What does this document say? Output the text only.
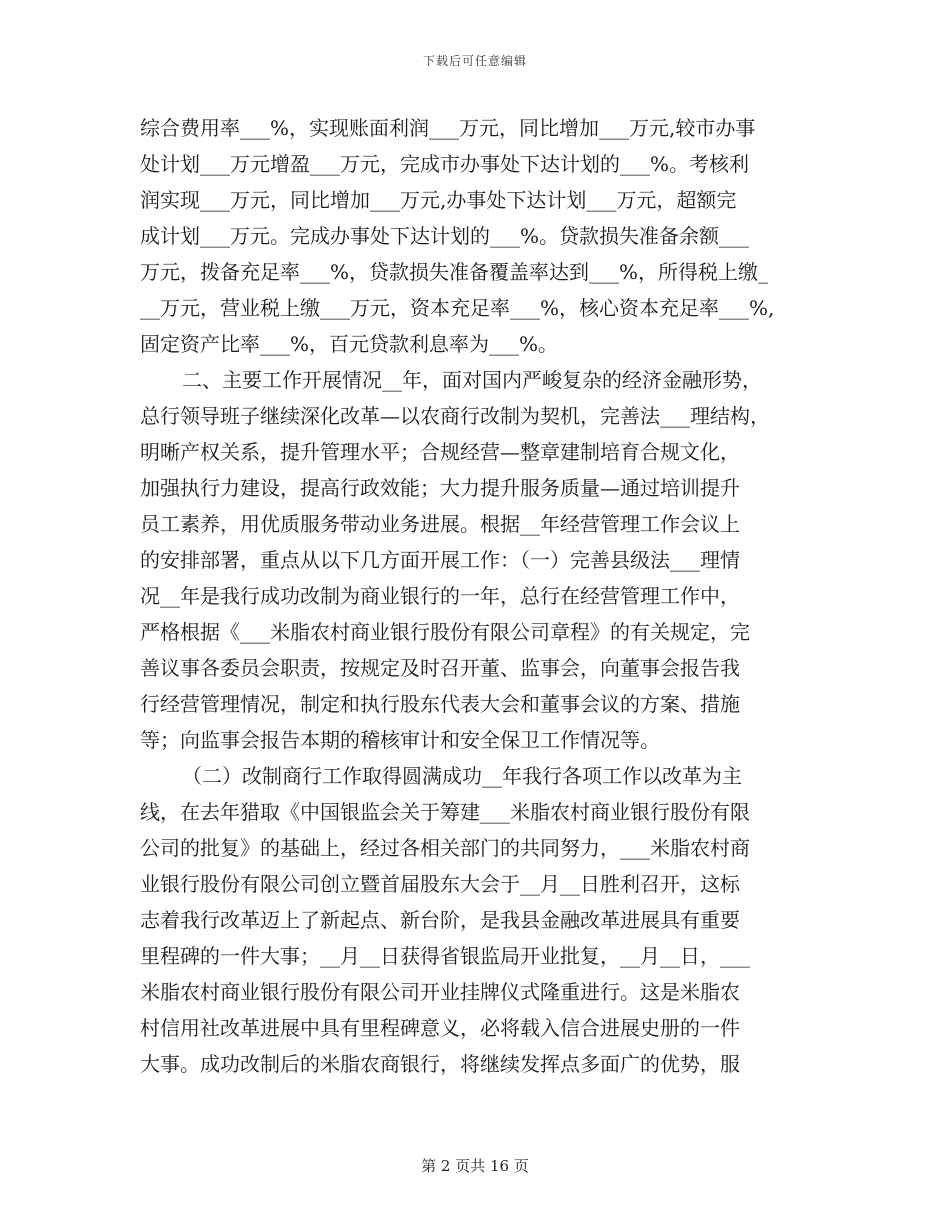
下载后可任意编辑
综合费用率___%，实现账面利润___万元，同比增加___万元,较市办事
处计划___万元增盈___万元，完成市办事处下达计划的___%。考核利
润实现___万元，同比增加___万元,办事处下达计划___万元，超额完
成计划___万元。完成办事处下达计划的___%。贷款损失准备余额___
万元，拨备充足率___%，贷款损失准备覆盖率达到___%，所得税上缴_
__万元，营业税上缴___万元，资本充足率___%，核心资本充足率___%,
固定资产比率___%，百元贷款利息率为___%。
二、主要工作开展情况__年，面对国内严峻复杂的经济金融形势，
总行领导班子继续深化改革—以农商行改制为契机，完善法___理结构，
明晰产权关系，提升管理水平；合规经营—整章建制培育合规文化，
加强执行力建设，提高行政效能；大力提升服务质量—通过培训提升
员工素养，用优质服务带动业务进展。根据__年经营管理工作会议上
的安排部署，重点从以下几方面开展工作：（一）完善县级法___理情
况__年是我行成功改制为商业银行的一年，总行在经营管理工作中，
严格根据《___米脂农村商业银行股份有限公司章程》的有关规定，完
善议事各委员会职责，按规定及时召开董、监事会，向董事会报告我
行经营管理情况，制定和执行股东代表大会和董事会议的方案、措施
等；向监事会报告本期的稽核审计和安全保卫工作情况等。
（二）改制商行工作取得圆满成功__年我行各项工作以改革为主
线，在去年猎取《中国银监会关于筹建___米脂农村商业银行股份有限
公司的批复》的基础上，经过各相关部门的共同努力，___米脂农村商
业银行股份有限公司创立暨首届股东大会于__月__日胜利召开，这标
志着我行改革迈上了新起点、新台阶，是我县金融改革进展具有重要
里程碑的一件大事；__月__日获得省银监局开业批复，__月__日，___
米脂农村商业银行股份有限公司开业挂牌仪式隆重进行。这是米脂农
村信用社改革进展中具有里程碑意义，必将载入信合进展史册的一件
大事。成功改制后的米脂农商银行，将继续发挥点多面广的优势，服
第 2 页共 16 页
